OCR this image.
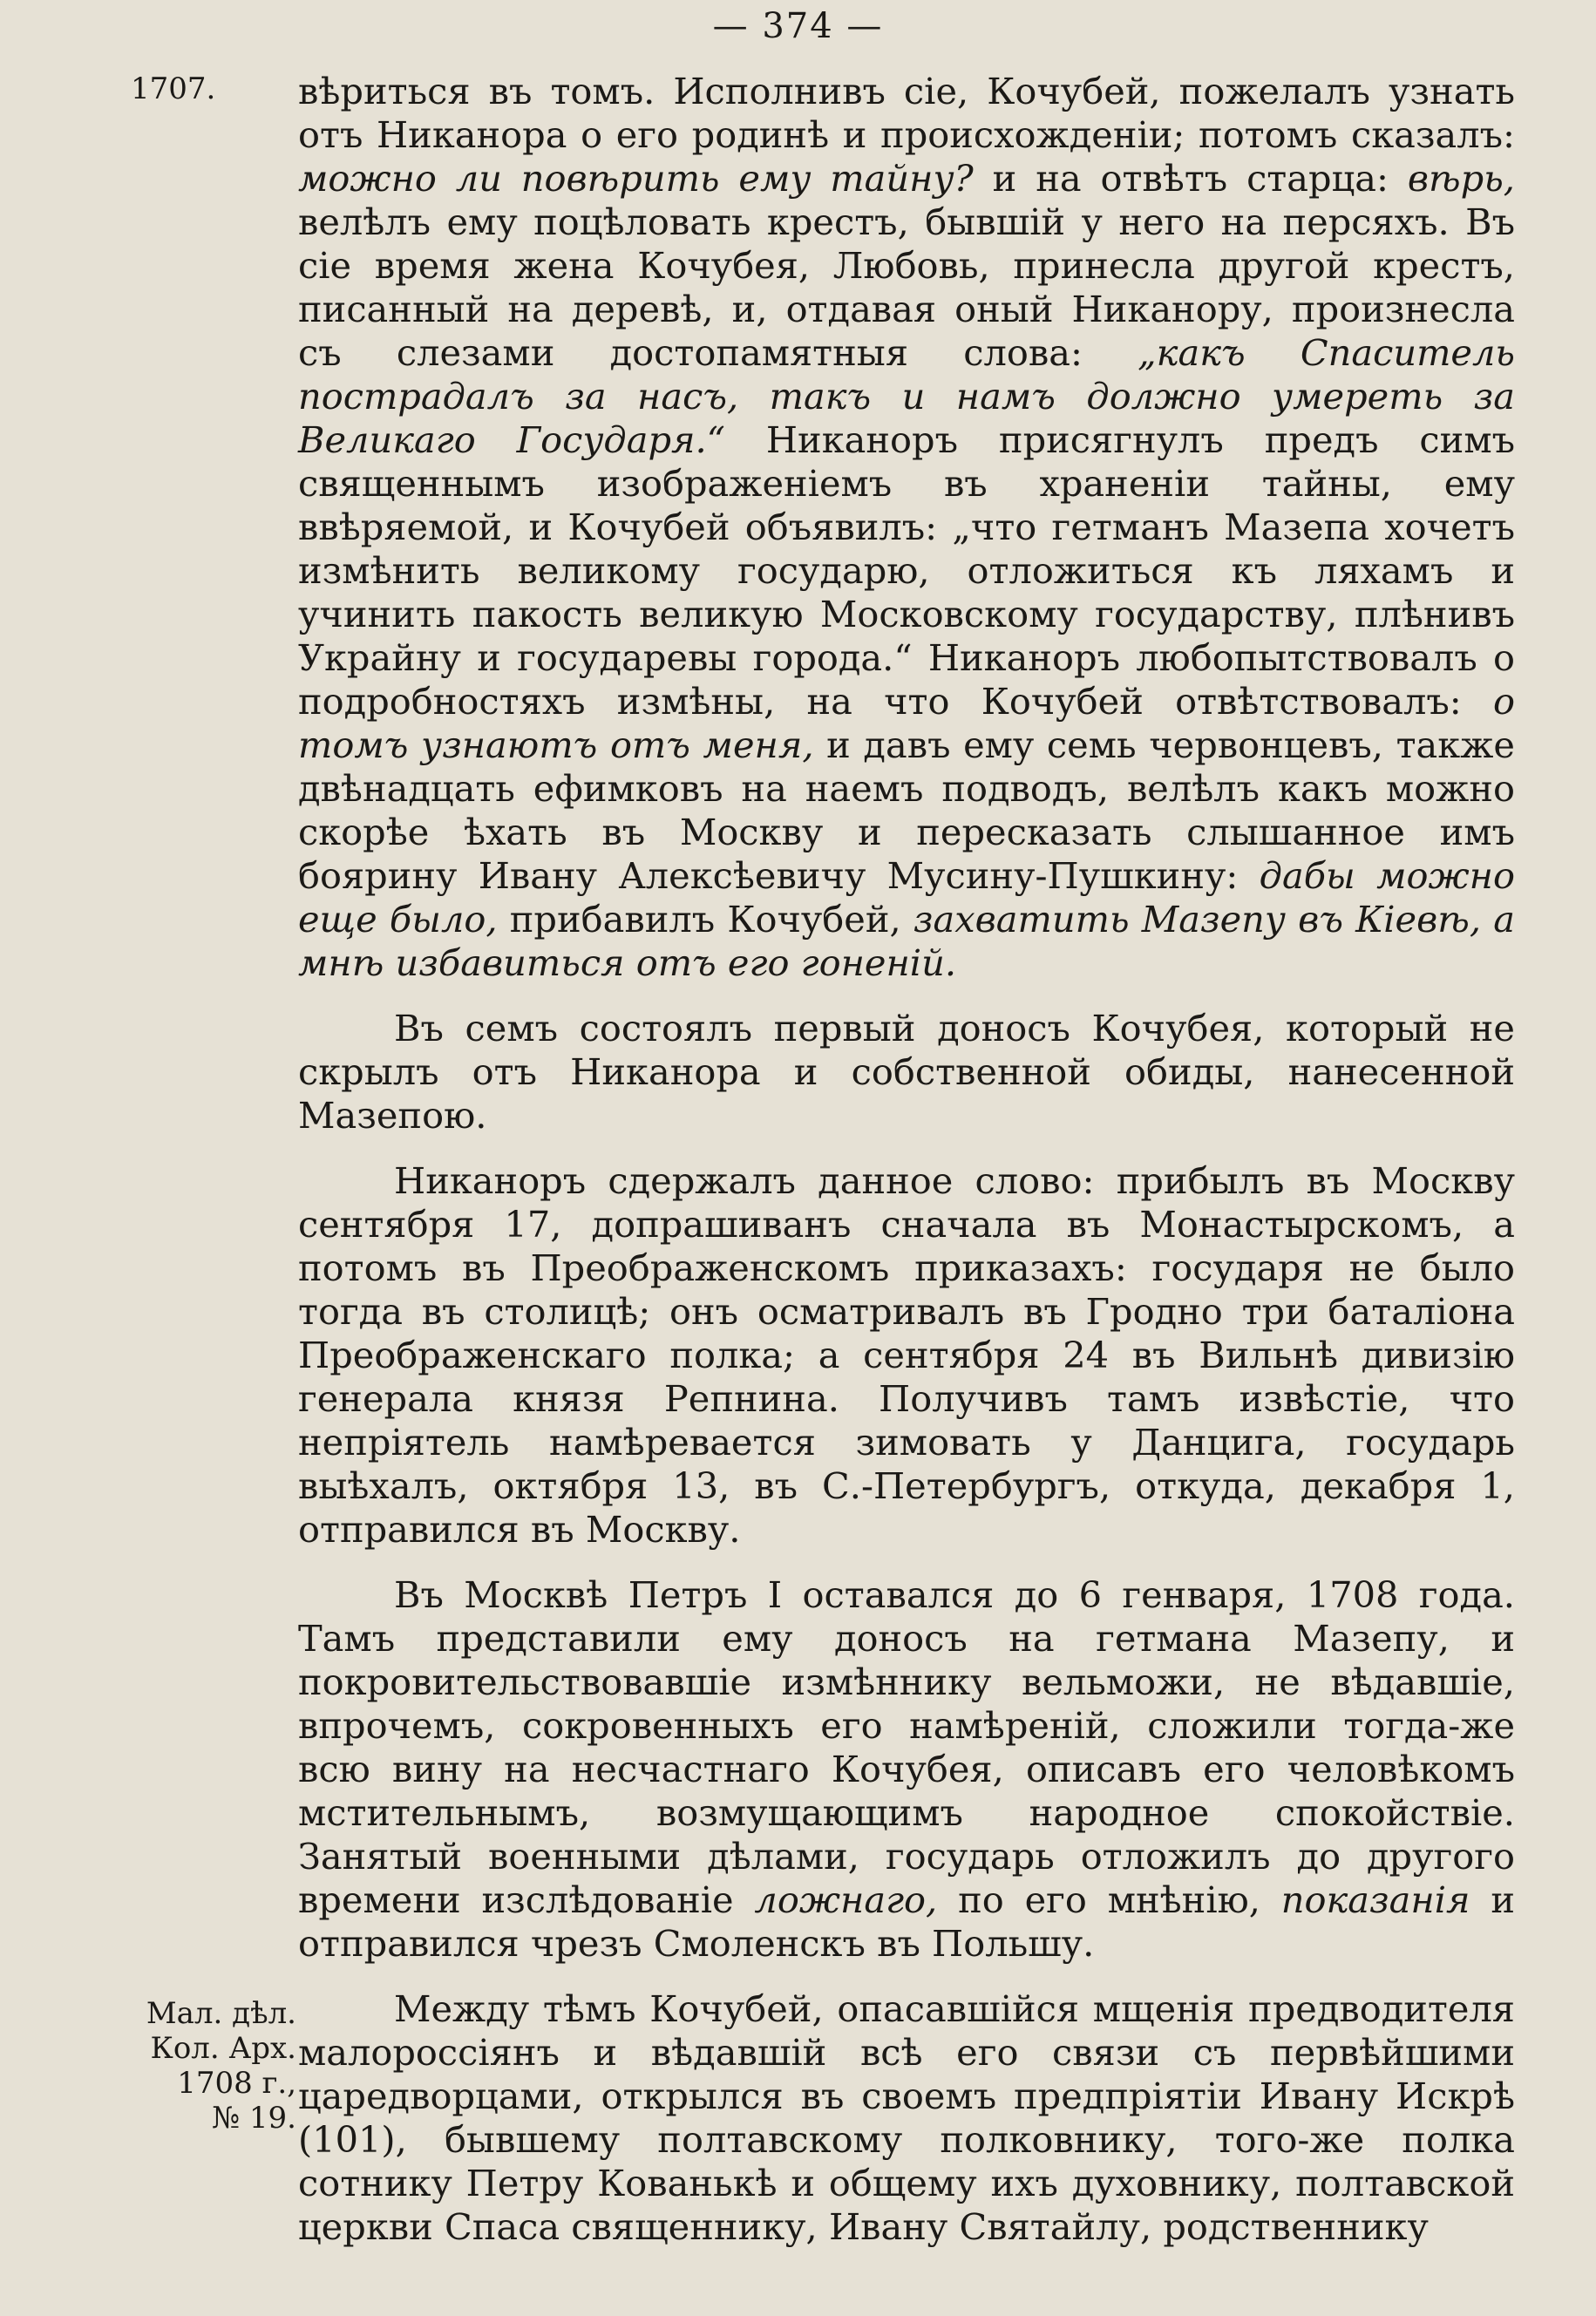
— 374 —
1707.
Мал. дѣл.
Кол. Арх.
1708 г.,
№ 19.

вѣриться въ томъ. Исполнивъ сіе, Кочубей, пожелалъ узнать отъ Никанора о его родинѣ и происхожденіи; потомъ сказалъ: можно ли повѣрить ему тайну? и на отвѣтъ старца: вѣрь, велѣлъ ему поцѣловать крестъ, бывшій у него на персяхъ. Въ сіе время жена Кочубея, Любовь, принесла другой крестъ, писанный на деревѣ, и, отдавая оный Никанору, произнесла съ слезами достопамятныя слова: „какъ Спаситель пострадалъ за насъ, такъ и намъ должно умереть за Великаго Государя.“ Никаноръ присягнулъ предъ симъ священнымъ изображеніемъ въ храненіи тайны, ему ввѣряемой, и Кочубей объявилъ: „что гетманъ Мазепа хочетъ измѣнить великому государю, отложиться къ ляхамъ и учинить пакость великую Московскому государству, плѣнивъ Украйну и государевы города.“ Никаноръ любопытствовалъ о подробностяхъ измѣны, на что Кочубей отвѣтствовалъ: о томъ узнаютъ отъ меня, и давъ ему семь червонцевъ, также двѣнадцать ефимковъ на наемъ подводъ, велѣлъ какъ можно скорѣе ѣхать въ Москву и пересказать слышанное имъ боярину Ивану Алексѣевичу Мусину-Пушкину: дабы можно еще было, прибавилъ Кочубей, захватить Мазепу въ Кіевѣ, а мнѣ избавиться отъ его гоненій.

Въ семъ состоялъ первый доносъ Кочубея, который не скрылъ отъ Никанора и собственной обиды, нанесенной Мазепою.

Никаноръ сдержалъ данное слово: прибылъ въ Москву сентября 17, допрашиванъ сначала въ Монастырскомъ, а потомъ въ Преображенскомъ приказахъ: государя не было тогда въ столицѣ; онъ осматривалъ въ Гродно три баталіона Преображенскаго полка; а сентября 24 въ Вильнѣ дивизію генерала князя Репнина. Получивъ тамъ извѣстіе, что непріятель намѣревается зимовать у Данцига, государь выѣхалъ, октября 13, въ С.-Петербургъ, откуда, декабря 1, отправился въ Москву.

Въ Москвѣ Петръ I оставался до 6 генваря, 1708 года. Тамъ представили ему доносъ на гетмана Мазепу, и покровительствовавшіе измѣннику вельможи, не вѣдавшіе, впрочемъ, сокровенныхъ его намѣреній, сложили тогда-же всю вину на несчастнаго Кочубея, описавъ его человѣкомъ мстительнымъ, возмущающимъ народное спокойствіе. Занятый военными дѣлами, государь отложилъ до другого времени изслѣдованіе ложнаго, по его мнѣнію, показанія и отправился чрезъ Смоленскъ въ Польшу.

Между тѣмъ Кочубей, опасавшійся мщенія предводителя малороссіянъ и вѣдавшій всѣ его связи съ первѣйшими царедворцами, открылся въ своемъ предпріятіи Ивану Искрѣ (101), бывшему полтавскому полковнику, того-же полка сотнику Петру Кованькѣ и общему ихъ духовнику, полтавской церкви Спаса священнику, Ивану Святайлу, родственнику
